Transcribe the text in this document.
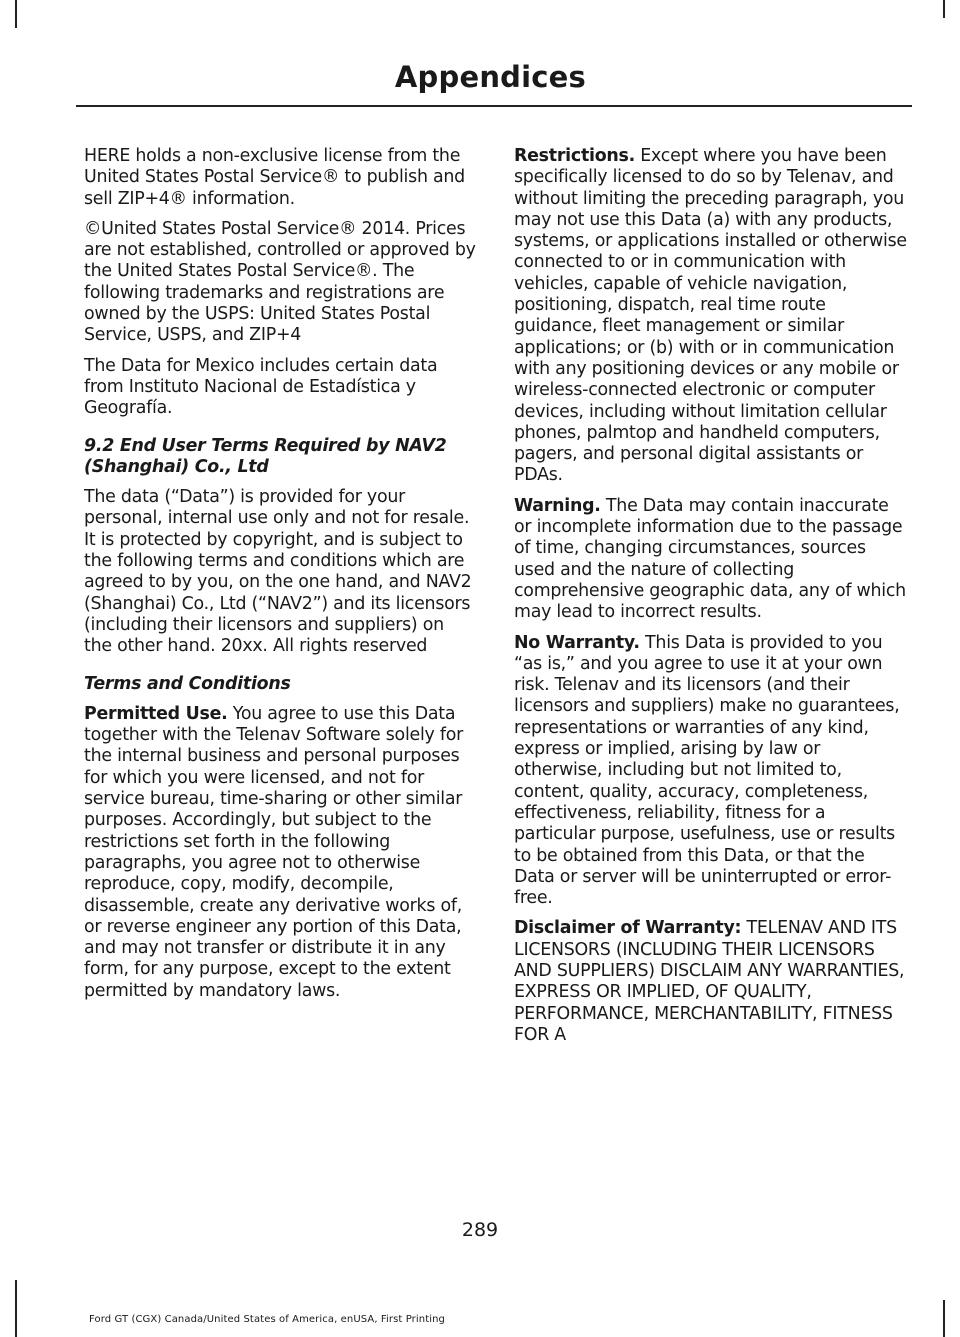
Appendices

HERE holds a non-exclusive license from the United States Postal Service® to publish and sell ZIP+4® information.

©United States Postal Service® 2014. Prices are not established, controlled or approved by the United States Postal Service®. The following trademarks and registrations are owned by the USPS: United States Postal Service, USPS, and ZIP+4

The Data for Mexico includes certain data from Instituto Nacional de Estadística y Geografía.

9.2 End User Terms Required by NAV2 (Shanghai) Co., Ltd

The data (“Data”) is provided for your personal, internal use only and not for resale. It is protected by copyright, and is subject to the following terms and conditions which are agreed to by you, on the one hand, and NAV2 (Shanghai) Co., Ltd (“NAV2”) and its licensors (including their licensors and suppliers) on the other hand. 20xx. All rights reserved

Terms and Conditions

Permitted Use. You agree to use this Data together with the Telenav Software solely for the internal business and personal purposes for which you were licensed, and not for service bureau, time-sharing or other similar purposes. Accordingly, but subject to the restrictions set forth in the following paragraphs, you agree not to otherwise reproduce, copy, modify, decompile, disassemble, create any derivative works of, or reverse engineer any portion of this Data, and may not transfer or distribute it in any form, for any purpose, except to the extent permitted by mandatory laws.

Restrictions. Except where you have been specifically licensed to do so by Telenav, and without limiting the preceding paragraph, you may not use this Data (a) with any products, systems, or applications installed or otherwise connected to or in communication with vehicles, capable of vehicle navigation, positioning, dispatch, real time route guidance, fleet management or similar applications; or (b) with or in communication with any positioning devices or any mobile or wireless-connected electronic or computer devices, including without limitation cellular phones, palmtop and handheld computers, pagers, and personal digital assistants or PDAs.

Warning. The Data may contain inaccurate or incomplete information due to the passage of time, changing circumstances, sources used and the nature of collecting comprehensive geographic data, any of which may lead to incorrect results.

No Warranty. This Data is provided to you “as is,” and you agree to use it at your own risk. Telenav and its licensors (and their licensors and suppliers) make no guarantees, representations or warranties of any kind, express or implied, arising by law or otherwise, including but not limited to, content, quality, accuracy, completeness, effectiveness, reliability, fitness for a particular purpose, usefulness, use or results to be obtained from this Data, or that the Data or server will be uninterrupted or error-free.

Disclaimer of Warranty: TELENAV AND ITS LICENSORS (INCLUDING THEIR LICENSORS AND SUPPLIERS) DISCLAIM ANY WARRANTIES, EXPRESS OR IMPLIED, OF QUALITY, PERFORMANCE, MERCHANTABILITY, FITNESS FOR A

289
Ford GT (CGX) Canada/United States of America, enUSA, First Printing
